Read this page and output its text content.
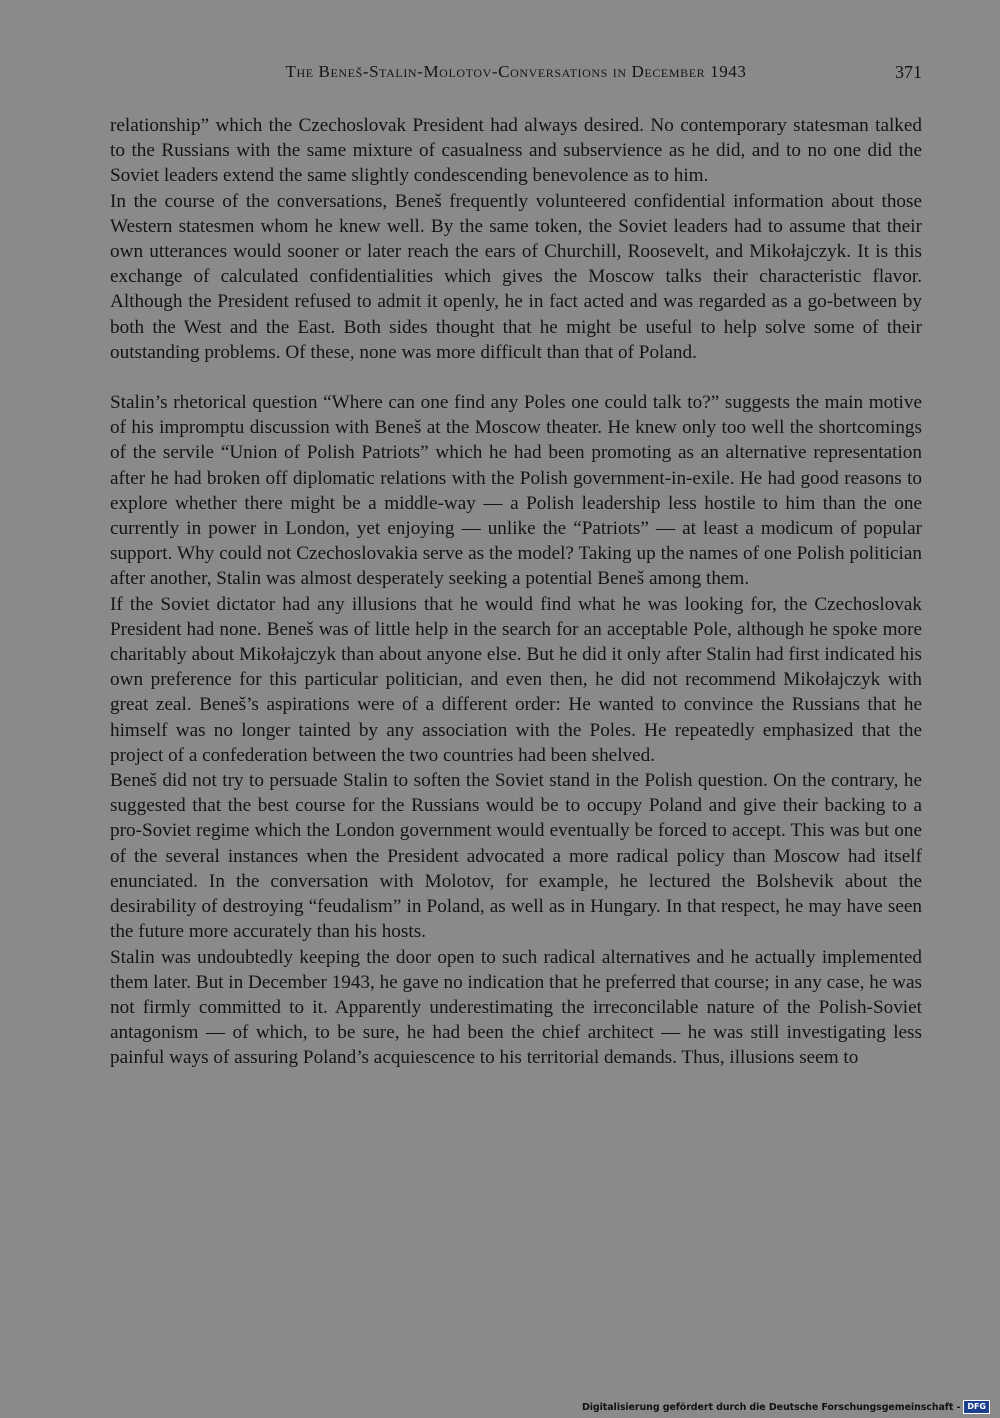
The Beneš-Stalin-Molotov-Conversations in December 1943	371

relationship” which the Czechoslovak President had always desired. No contemporary statesman talked to the Russians with the same mixture of casualness and subservience as he did, and to no one did the Soviet leaders extend the same slightly condescending benevolence as to him.

In the course of the conversations, Beneš frequently volunteered confidential information about those Western statesmen whom he knew well. By the same token, the Soviet leaders had to assume that their own utterances would sooner or later reach the ears of Churchill, Roosevelt, and Mikołajczyk. It is this exchange of calculated confidentialities which gives the Moscow talks their characteristic flavor. Although the President refused to admit it openly, he in fact acted and was regarded as a go-between by both the West and the East. Both sides thought that he might be useful to help solve some of their outstanding problems. Of these, none was more difficult than that of Poland.

Stalin’s rhetorical question “Where can one find any Poles one could talk to?” suggests the main motive of his impromptu discussion with Beneš at the Moscow theater. He knew only too well the shortcomings of the servile “Union of Polish Patriots” which he had been promoting as an alternative representation after he had broken off diplomatic relations with the Polish government-in-exile. He had good reasons to explore whether there might be a middle-way — a Polish leadership less hostile to him than the one currently in power in London, yet enjoying — unlike the “Patriots” — at least a modicum of popular support. Why could not Czechoslovakia serve as the model? Taking up the names of one Polish politician after another, Stalin was almost desperately seeking a potential Beneš among them.

If the Soviet dictator had any illusions that he would find what he was looking for, the Czechoslovak President had none. Beneš was of little help in the search for an acceptable Pole, although he spoke more charitably about Mikołajczyk than about anyone else. But he did it only after Stalin had first indicated his own preference for this particular politician, and even then, he did not recommend Mikołajczyk with great zeal. Beneš’s aspirations were of a different order: He wanted to convince the Russians that he himself was no longer tainted by any association with the Poles. He repeatedly emphasized that the project of a confederation between the two countries had been shelved.

Beneš did not try to persuade Stalin to soften the Soviet stand in the Polish question. On the contrary, he suggested that the best course for the Russians would be to occupy Poland and give their backing to a pro-Soviet regime which the London government would eventually be forced to accept. This was but one of the several instances when the President advocated a more radical policy than Moscow had itself enunciated. In the conversation with Molotov, for example, he lectured the Bolshevik about the desirability of destroying “feudalism” in Poland, as well as in Hungary. In that respect, he may have seen the future more accurately than his hosts.

Stalin was undoubtedly keeping the door open to such radical alternatives and he actually implemented them later. But in December 1943, he gave no indication that he preferred that course; in any case, he was not firmly committed to it. Apparently underestimating the irreconcilable nature of the Polish-Soviet antagonism — of which, to be sure, he had been the chief architect — he was still investigating less painful ways of assuring Poland’s acquiescence to his territorial demands. Thus, illusions seem to

Digitalisierung gefördert durch die Deutsche Forschungsgemeinschaft - DFG
